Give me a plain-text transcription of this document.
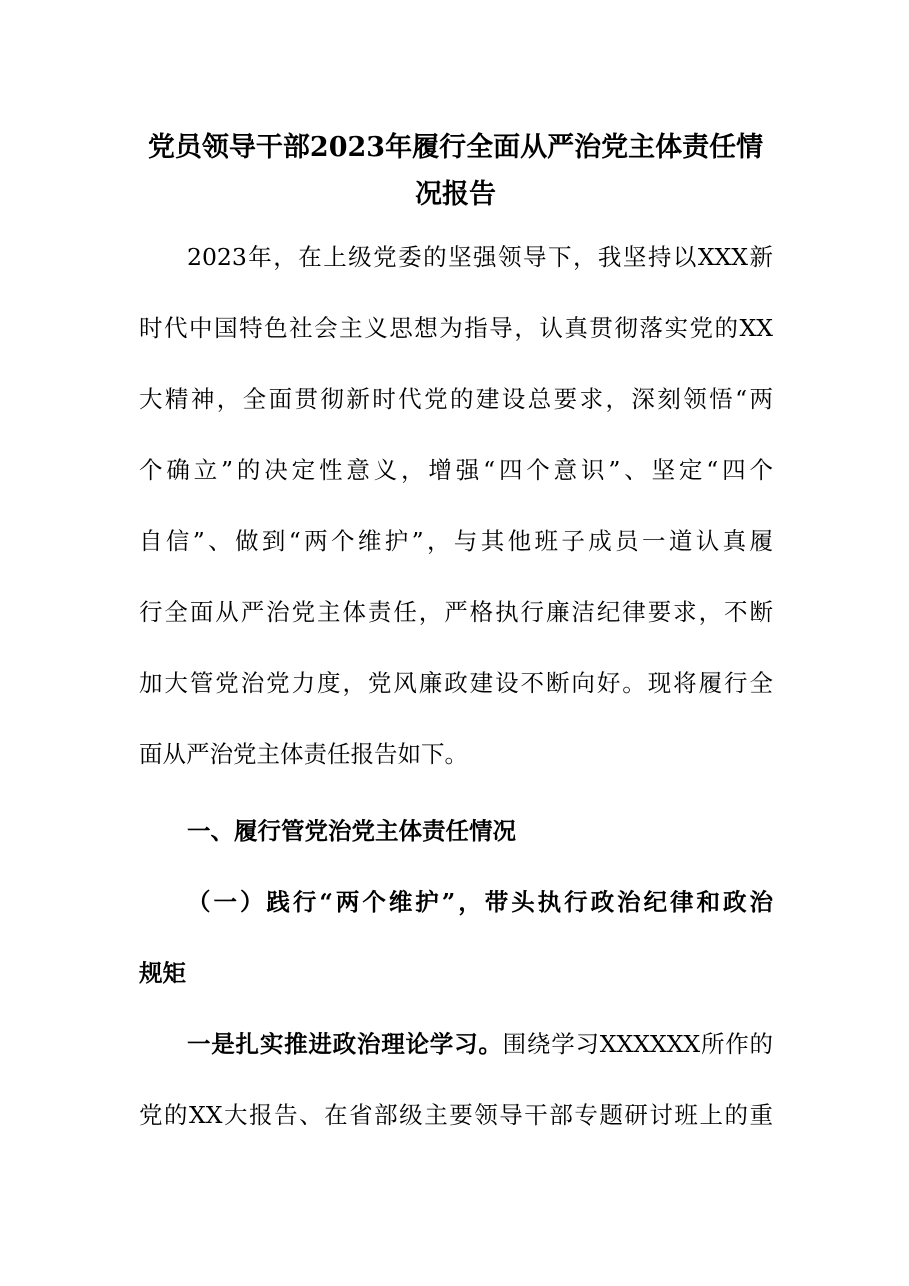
党员领导干部2023年履行全面从严治党主体责任情
况报告
2023年，在上级党委的坚强领导下，我坚持以XXX新
时代中国特色社会主义思想为指导，认真贯彻落实党的XX
大精神，全面贯彻新时代党的建设总要求，深刻领悟“两
个确立”的决定性意义，增强“四个意识”、坚定“四个
自信”、做到“两个维护”，与其他班子成员一道认真履
行全面从严治党主体责任，严格执行廉洁纪律要求，不断
加大管党治党力度，党风廉政建设不断向好。现将履行全
面从严治党主体责任报告如下。
一、履行管党治党主体责任情况
（一）践行“两个维护”，带头执行政治纪律和政治
规矩
一是扎实推进政治理论学习。围绕学习XXXXXX所作的
党的XX大报告、在省部级主要领导干部专题研讨班上的重
